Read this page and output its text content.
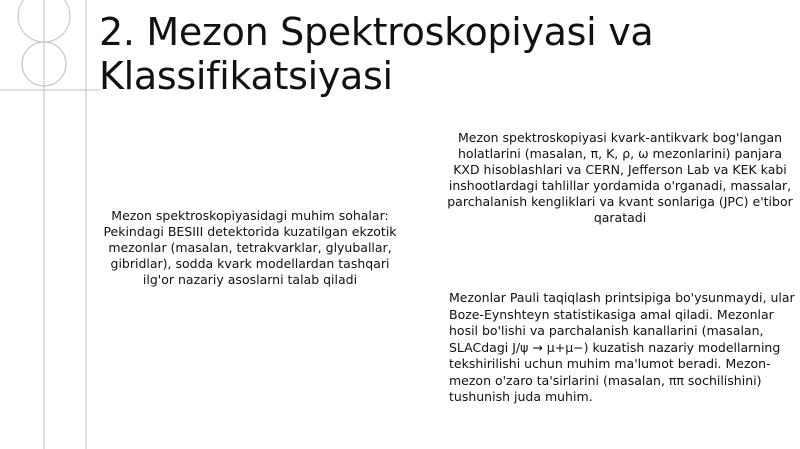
2. Mezon Spektroskopiyasi va Klassifikatsiyasi
Mezon spektroskopiyasidagi muhim sohalar: Pekindagi BESIII detektorida kuzatilgan ekzotik mezonlar (masalan, tetrakvarklar, glyuballar, gibridlar), sodda kvark modellardan tashqari ilg'or nazariy asoslarni talab qiladi
Mezon spektroskopiyasi kvark-antikvark bog'langan holatlarini (masalan, π, K, ρ, ω mezonlarini) panjara KXD hisoblashlari va CERN, Jefferson Lab va KEK kabi inshootlardagi tahlillar yordamida o'rganadi, massalar, parchalanish kengliklari va kvant sonlariga (JPC) e'tibor qaratadi
Mezonlar Pauli taqiqlash printsipiga bo'ysunmaydi, ular Boze-Eynshteyn statistikasiga amal qiladi. Mezonlar hosil bo'lishi va parchalanish kanallarini (masalan, SLACdagi J/ψ → μ+μ−) kuzatish nazariy modellarning tekshirilishi uchun muhim ma'lumot beradi. Mezon-mezon o'zaro ta'sirlarini (masalan, ππ sochilishini) tushunish juda muhim.
